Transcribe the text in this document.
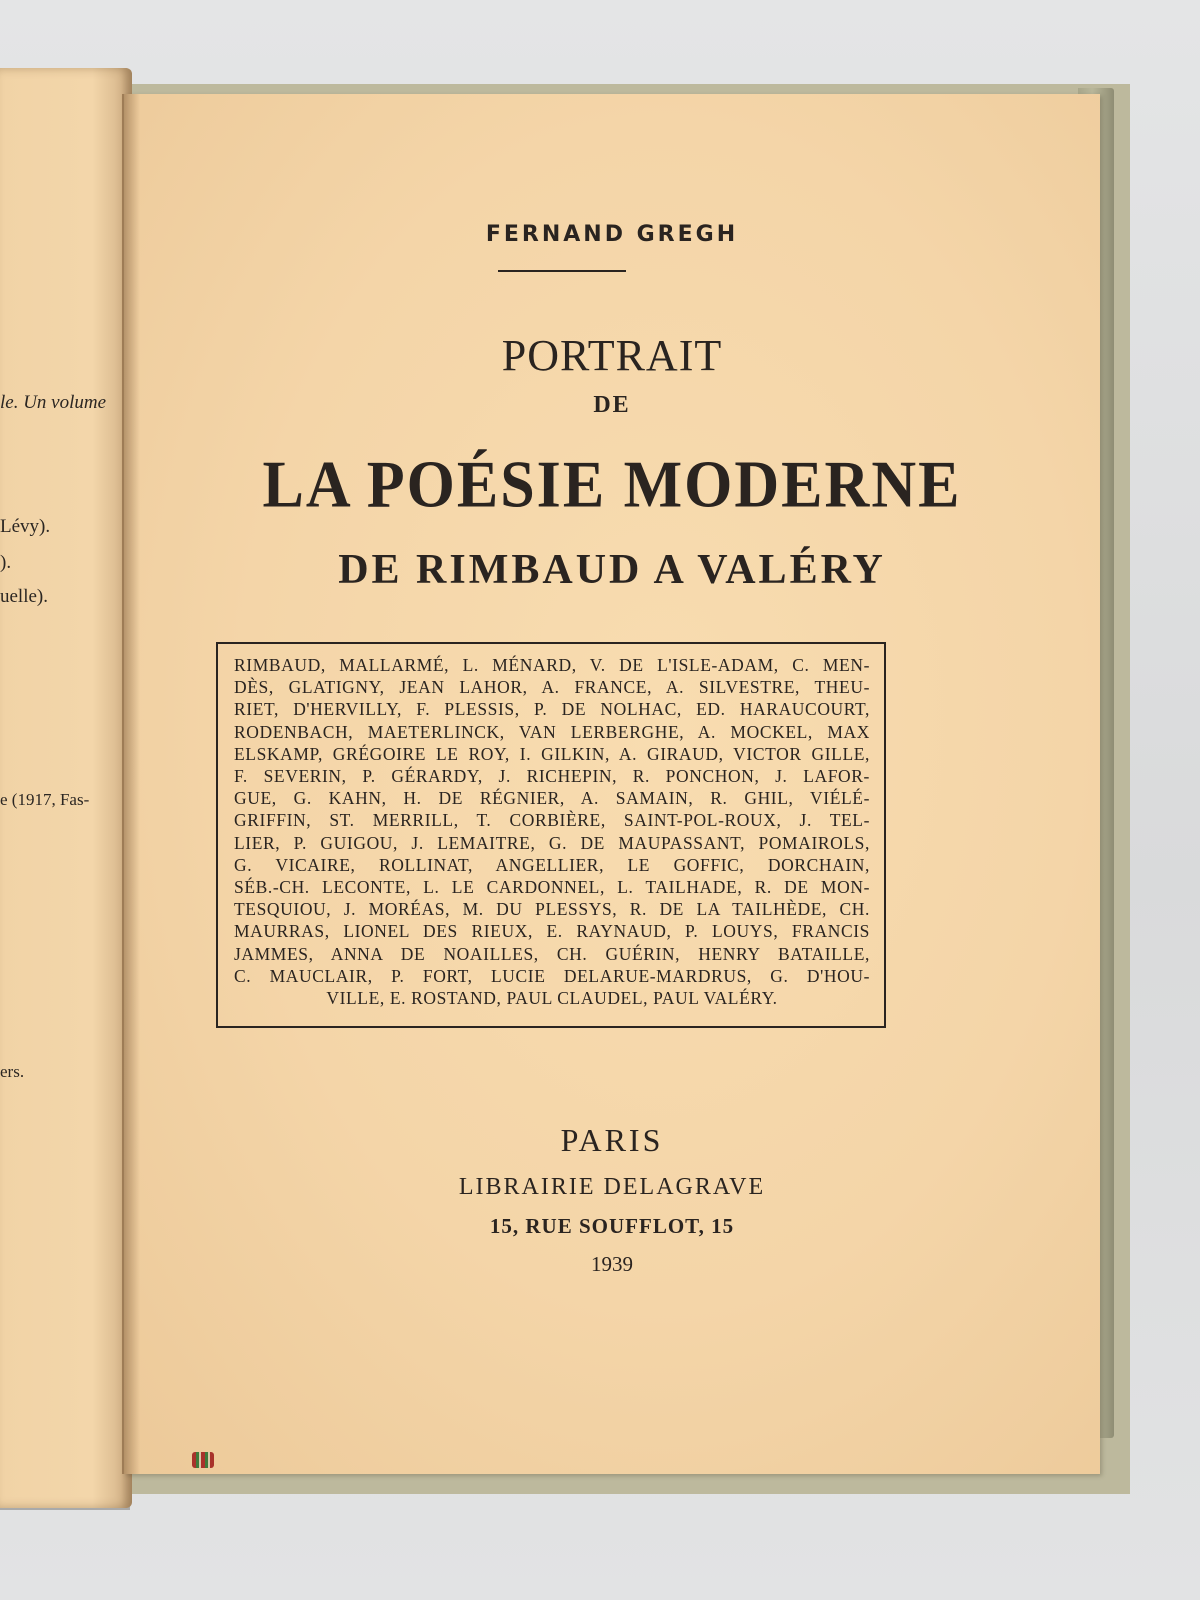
le. Un volume
Lévy).
).
uelle).
e (1917, Fas-
ers.
FERNAND GREGH
PORTRAIT
DE
LA POÉSIE MODERNE
DE RIMBAUD A VALÉRY
RIMBAUD, MALLARMÉ, L. MÉNARD, V. DE L'ISLE-ADAM, C. MEN-
DÈS, GLATIGNY, JEAN LAHOR, A. FRANCE, A. SILVESTRE, THEU-
RIET, D'HERVILLY, F. PLESSIS, P. DE NOLHAC, ED. HARAUCOURT,
RODENBACH, MAETERLINCK, VAN LERBERGHE, A. MOCKEL, MAX
ELSKAMP, GRÉGOIRE LE ROY, I. GILKIN, A. GIRAUD, VICTOR GILLE,
F. SEVERIN, P. GÉRARDY, J. RICHEPIN, R. PONCHON, J. LAFOR-
GUE, G. KAHN, H. DE RÉGNIER, A. SAMAIN, R. GHIL, VIÉLÉ-
GRIFFIN, ST. MERRILL, T. CORBIÈRE, SAINT-POL-ROUX, J. TEL-
LIER, P. GUIGOU, J. LEMAITRE, G. DE MAUPASSANT, POMAIROLS,
G. VICAIRE, ROLLINAT, ANGELLIER, LE GOFFIC, DORCHAIN,
SÉB.-CH. LECONTE, L. LE CARDONNEL, L. TAILHADE, R. DE MON-
TESQUIOU, J. MORÉAS, M. DU PLESSYS, R. DE LA TAILHÈDE, CH.
MAURRAS, LIONEL DES RIEUX, E. RAYNAUD, P. LOUYS, FRANCIS
JAMMES, ANNA DE NOAILLES, CH. GUÉRIN, HENRY BATAILLE,
C. MAUCLAIR, P. FORT, LUCIE DELARUE-MARDRUS, G. D'HOU-
VILLE, E. ROSTAND, PAUL CLAUDEL, PAUL VALÉRY.
PARIS
LIBRAIRIE DELAGRAVE
15, RUE SOUFFLOT, 15
1939
